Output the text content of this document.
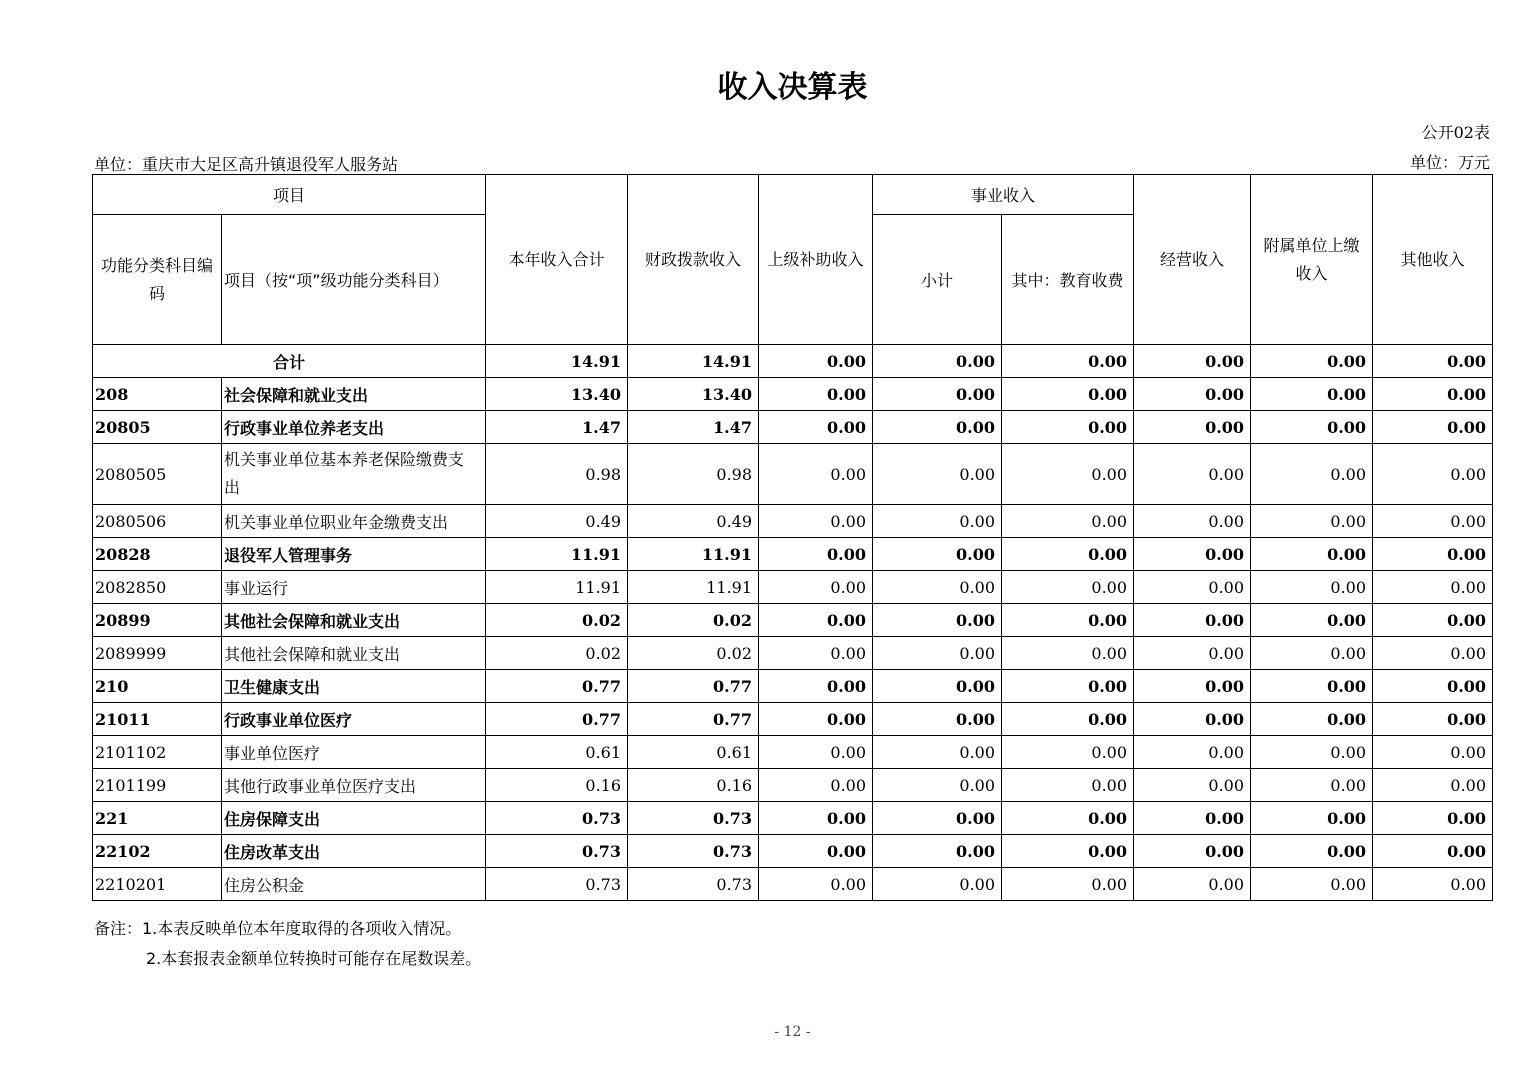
收入决算表
公开02表
单位：重庆市大足区高升镇退役军人服务站	单位：万元
项目		本年收入合计	财政拨款收入	上级补助收入	事业收入		经营收入	附属单位上缴收入	其他收入
功能分类科目编码	项目（按“项”级功能分类科目）				小计	其中：教育收费			
合计		14.91	14.91	0.00	0.00	0.00	0.00	0.00	0.00
208	社会保障和就业支出	13.40	13.40	0.00	0.00	0.00	0.00	0.00	0.00
20805	行政事业单位养老支出	1.47	1.47	0.00	0.00	0.00	0.00	0.00	0.00
2080505	机关事业单位基本养老保险缴费支出	0.98	0.98	0.00	0.00	0.00	0.00	0.00	0.00
2080506	机关事业单位职业年金缴费支出	0.49	0.49	0.00	0.00	0.00	0.00	0.00	0.00
20828	退役军人管理事务	11.91	11.91	0.00	0.00	0.00	0.00	0.00	0.00
2082850	事业运行	11.91	11.91	0.00	0.00	0.00	0.00	0.00	0.00
20899	其他社会保障和就业支出	0.02	0.02	0.00	0.00	0.00	0.00	0.00	0.00
2089999	其他社会保障和就业支出	0.02	0.02	0.00	0.00	0.00	0.00	0.00	0.00
210	卫生健康支出	0.77	0.77	0.00	0.00	0.00	0.00	0.00	0.00
21011	行政事业单位医疗	0.77	0.77	0.00	0.00	0.00	0.00	0.00	0.00
2101102	事业单位医疗	0.61	0.61	0.00	0.00	0.00	0.00	0.00	0.00
2101199	其他行政事业单位医疗支出	0.16	0.16	0.00	0.00	0.00	0.00	0.00	0.00
221	住房保障支出	0.73	0.73	0.00	0.00	0.00	0.00	0.00	0.00
22102	住房改革支出	0.73	0.73	0.00	0.00	0.00	0.00	0.00	0.00
2210201	住房公积金	0.73	0.73	0.00	0.00	0.00	0.00	0.00	0.00
备注：1.本表反映单位本年度取得的各项收入情况。
2.本套报表金额单位转换时可能存在尾数误差。
- 12 -
